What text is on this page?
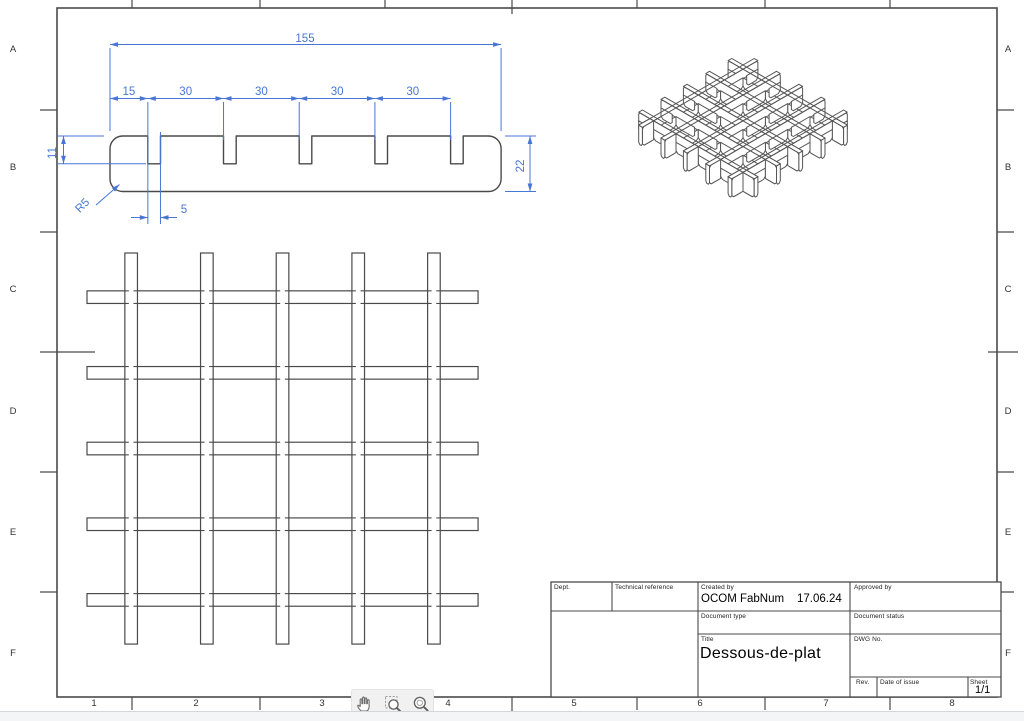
155
15	30	30	30	30
11
5
R5
22
A
B
C
D
E
F
A
B
C
D
E
F
1	2	3	4	5	6	7	8
Dept.	Technical reference	Created by
OCOM FabNum 17.06.24
Approved by
Document type	Document status
Title
Dessous-de-plat
DWG No.
Rev. Date of issue	Sheet
1/1
